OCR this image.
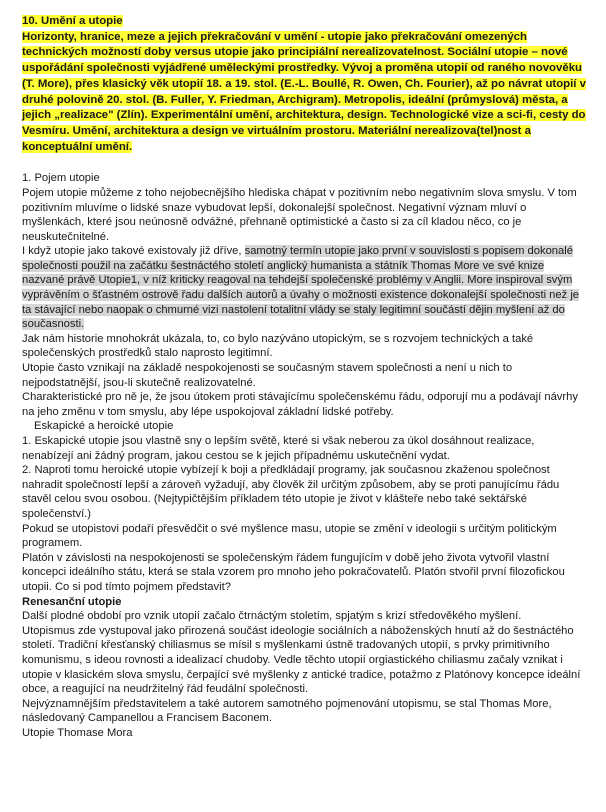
10. Umění a utopie
Horizonty, hranice, meze a jejich překračování v umění - utopie jako překračování omezených technických možností doby versus utopie jako principiální nerealizovatelnost. Sociální utopie – nové uspořádání společnosti vyjádřené uměleckými prostředky. Vývoj a proměna utopií od raného novověku (T. More), přes klasický věk utopií 18. a 19. stol. (E.-L. Boullé, R. Owen, Ch. Fourier), až po návrat utopií v druhé polovině 20. stol. (B. Fuller, Y. Friedman, Archigram). Metropolis, ideální (průmyslová) města, a jejich „realizace" (Zlín). Experimentální umění, architektura, design. Technologické vize a sci-fi, cesty do Vesmíru. Umění, architektura a design ve virtuálním prostoru. Materiální nerealizova(tel)nost a konceptuální umění.

1. Pojem utopie

Pojem utopie můžeme z toho nejobecnějšího hlediska chápat v pozitivním nebo negativním slova smyslu. V tom pozitivním mluvíme o lidské snaze vybudovat lepší, dokonalejší společnost. Negativní význam mluví o myšlenkách, které jsou neúnosně odvážné, přehnaně optimistické a často si za cíl kladou něco, co je neuskutečnitelné.

I když utopie jako takové existovaly již dříve, samotný termín utopie jako první v souvislosti s popisem dokonalé společnosti použil na začátku šestnáctého století anglický humanista a státník Thomas More ve své knize nazvané právě Utopie1, v níž kriticky reagoval na tehdejší společenské problémy v Anglii. More inspiroval svým vyprávěním o šťastném ostrově řadu dalších autorů a úvahy o možnosti existence dokonalejší společnosti než je ta stávající nebo naopak o chmurné vizi nastolení totalitní vlády se staly legitimní součástí dějin myšlení až do současnosti.

Jak nám historie mnohokrát ukázala, to, co bylo nazýváno utopickým, se s rozvojem technických a také společenských prostředků stalo naprosto legitimní.

Utopie často vznikají na základě nespokojenosti se současným stavem společnosti a není u nich to nejpodstatnější, jsou-li skutečně realizovatelné.

Charakteristické pro ně je, že jsou útokem proti stávajícímu společenskému řádu, odporují mu a podávají návrhy na jeho změnu v tom smyslu, aby lépe uspokojoval základní lidské potřeby.

Eskapické a heroické utopie

1. Eskapické utopie jsou vlastně sny o lepším světě, které si však neberou za úkol dosáhnout realizace, nenabízejí ani žádný program, jakou cestou se k jejich případnému uskutečnění vydat.

2. Naproti tomu heroické utopie vybízejí k boji a předkládají programy, jak současnou zkaženou společnost nahradit společností lepší a zároveň vyžadují, aby člověk žil určitým způsobem, aby se proti panujícímu řádu stavěl celou svou osobou. (Nejtypičtějším příkladem této utopie je život v klášteře nebo také sektářské společenství.)

Pokud se utopistovi podaří přesvědčit o své myšlence masu, utopie se změní v ideologii s určitým politickým programem.

Platón v závislosti na nespokojenosti se společenským řádem fungujícím v době jeho života vytvořil vlastní koncepci ideálního státu, která se stala vzorem pro mnoho jeho pokračovatelů. Platón stvořil první filozofickou utopii. Co si pod tímto pojmem představit?

Renesanční utopie

Další plodné období pro vznik utopií začalo čtrnáctým stoletím, spjatým s krizí středověkého myšlení.

Utopismus zde vystupoval jako přirozená součást ideologie sociálních a náboženských hnutí až do šestnáctého století. Tradiční křesťanský chiliasmus se mísil s myšlenkami ústně tradovaných utopií, s prvky primitivního komunismu, s ideou rovnosti a idealizací chudoby. Vedle těchto utopií orgiastického chiliasmu začaly vznikat i utopie v klasickém slova smyslu, čerpající své myšlenky z antické tradice, potažmo z Platónovy koncepce ideální obce, a reagující na neudržitelný řád feudální společnosti.

Nejvýznamnějším představitelem a také autorem samotného pojmenování utopismu, se stal Thomas More, následovaný Campanellou a Francisem Baconem.

Utopie Thomase Mora
